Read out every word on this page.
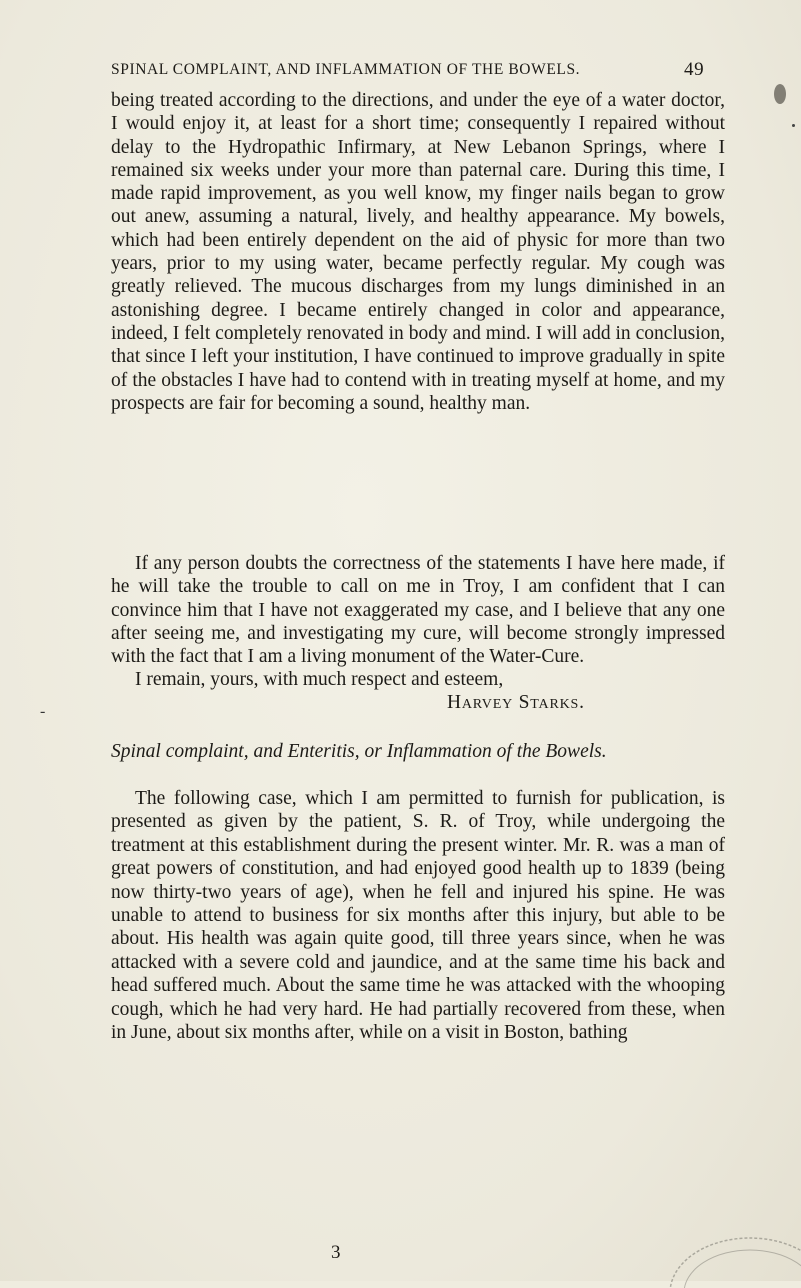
SPINAL COMPLAINT, AND INFLAMMATION OF THE BOWELS.	49

being treated according to the directions, and under the eye of a water doctor, I would enjoy it, at least for a short time; consequently I repaired without delay to the Hydropathic Infirmary, at New Lebanon Springs, where I remained six weeks under your more than paternal care. During this time, I made rapid improvement, as you well know, my finger nails began to grow out anew, assuming a natural, lively, and healthy appearance. My bowels, which had been entirely dependent on the aid of physic for more than two years, prior to my using water, became perfectly regular. My cough was greatly relieved. The mucous discharges from my lungs diminished in an astonishing degree. I became entirely changed in color and appearance, indeed, I felt completely renovated in body and mind. I will add in conclusion, that since I left your institution, I have continued to improve gradually in spite of the obstacles I have had to contend with in treating myself at home, and my prospects are fair for becoming a sound, healthy man.

If any person doubts the correctness of the statements I have here made, if he will take the trouble to call on me in Troy, I am confident that I can convince him that I have not exaggerated my case, and I believe that any one after seeing me, and investigating my cure, will become strongly impressed with the fact that I am a living monument of the Water-Cure.

I remain, yours, with much respect and esteem,

Harvey Starks.

Spinal complaint, and Enteritis, or Inflammation of the Bowels.

The following case, which I am permitted to furnish for publication, is presented as given by the patient, S. R. of Troy, while undergoing the treatment at this establishment during the present winter. Mr. R. was a man of great powers of constitution, and had enjoyed good health up to 1839 (being now thirty-two years of age), when he fell and injured his spine. He was unable to attend to business for six months after this injury, but able to be about. His health was again quite good, till three years since, when he was attacked with a severe cold and jaundice, and at the same time his back and head suffered much. About the same time he was attacked with the whooping cough, which he had very hard. He had partially recovered from these, when in June, about six months after, while on a visit in Boston, bathing

3
-
